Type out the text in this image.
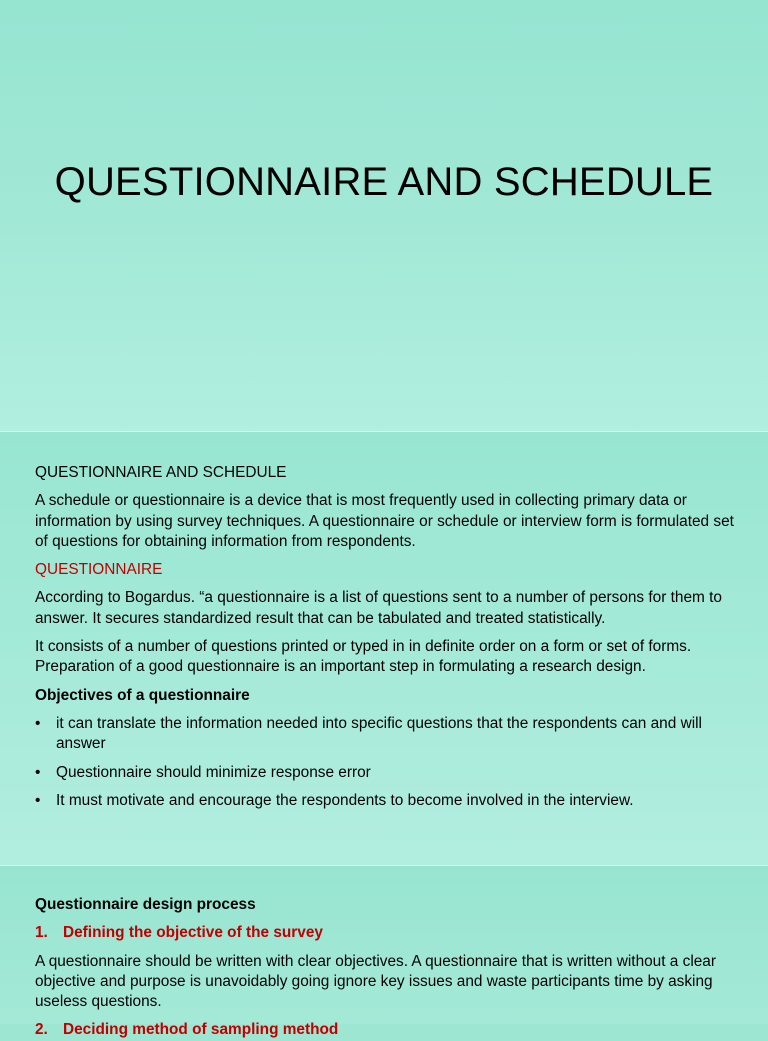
QUESTIONNAIRE AND SCHEDULE

QUESTIONNAIRE AND SCHEDULE

A schedule or questionnaire is a device that is most frequently used in collecting primary data or information by using survey techniques. A questionnaire or schedule or interview form is formulated set of questions for obtaining information from respondents.

QUESTIONNAIRE

According to Bogardus. “a questionnaire is a list of questions sent to a number of persons for them to answer. It secures standardized result that can be tabulated and treated statistically.

It consists of a number of questions printed or typed in in definite order on a form or set of forms. Preparation of a good questionnaire is an important step in formulating a research design.

Objectives of a questionnaire

• it can translate the information needed into specific questions that the respondents can and will answer
• Questionnaire should minimize response error
• It must motivate and encourage the respondents to become involved in the interview.

Questionnaire design process

1. Defining the objective of the survey

A questionnaire should be written with clear objectives. A questionnaire that is written without a clear objective and purpose is unavoidably going ignore key issues and waste participants time by asking useless questions.

2. Deciding method of sampling method
